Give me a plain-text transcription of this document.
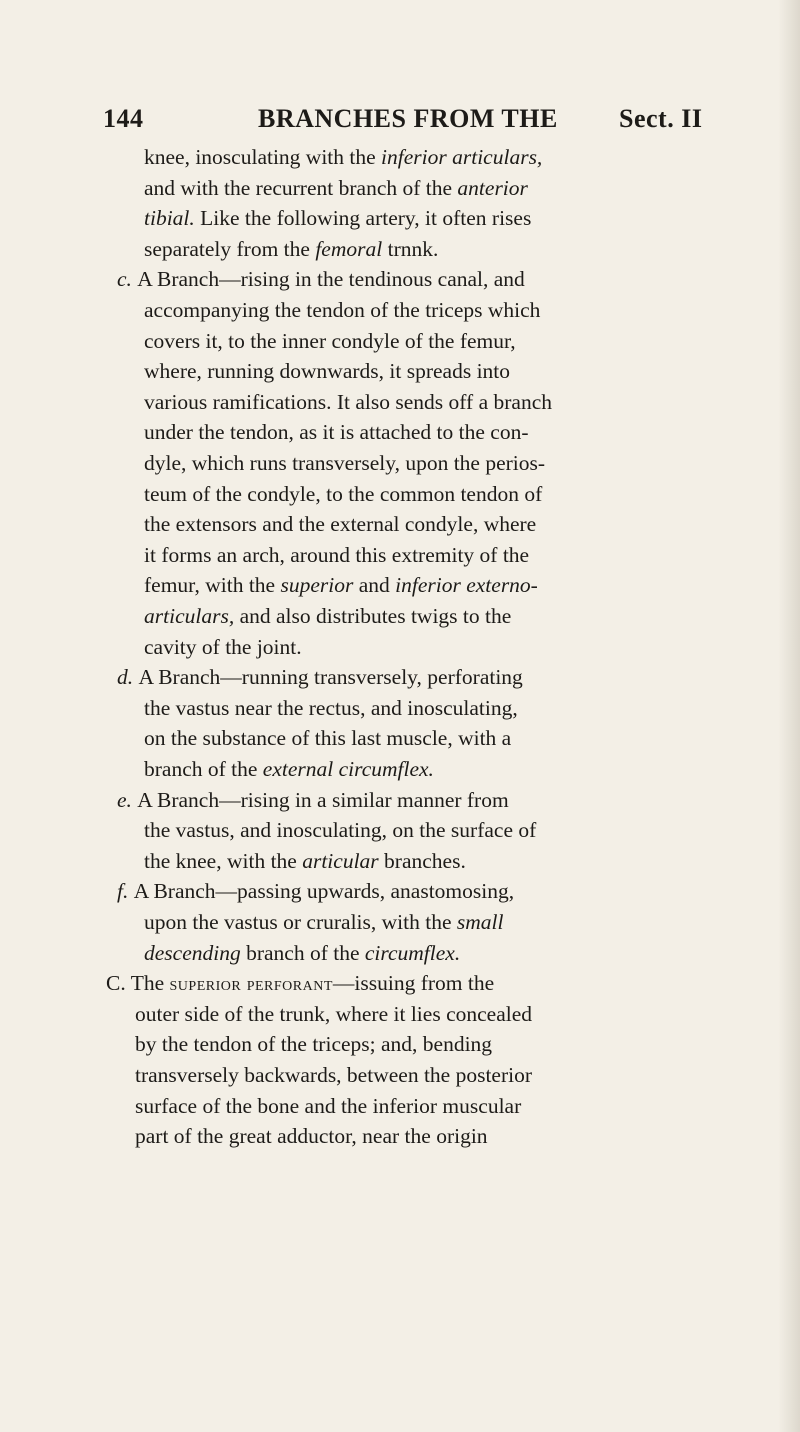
144	BRANCHES FROM THE Sect. II
knee, inosculating with the inferior articulars,
and with the recurrent branch of the anterior
tibial. Like the following artery, it often rises
separately from the femoral trnnk.
c. A Branch—rising in the tendinous canal, and
accompanying the tendon of the triceps which
covers it, to the inner condyle of the femur,
where, running downwards, it spreads into
various ramifications. It also sends off a branch
under the tendon, as it is attached to the con-
dyle, which runs transversely, upon the perios-
teum of the condyle, to the common tendon of
the extensors and the external condyle, where
it forms an arch, around this extremity of the
femur, with the superior and inferior externo-
articulars, and also distributes twigs to the
cavity of the joint.
d. A Branch—running transversely, perforating
the vastus near the rectus, and inosculating,
on the substance of this last muscle, with a
branch of the external circumflex.
e. A Branch—rising in a similar manner from
the vastus, and inosculating, on the surface of
the knee, with the articular branches.
f. A Branch—passing upwards, anastomosing,
upon the vastus or cruralis, with the small
descending branch of the circumflex.
C. The superior perforant—issuing from the
outer side of the trunk, where it lies concealed
by the tendon of the triceps; and, bending
transversely backwards, between the posterior
surface of the bone and the inferior muscular
part of the great adductor, near the origin
